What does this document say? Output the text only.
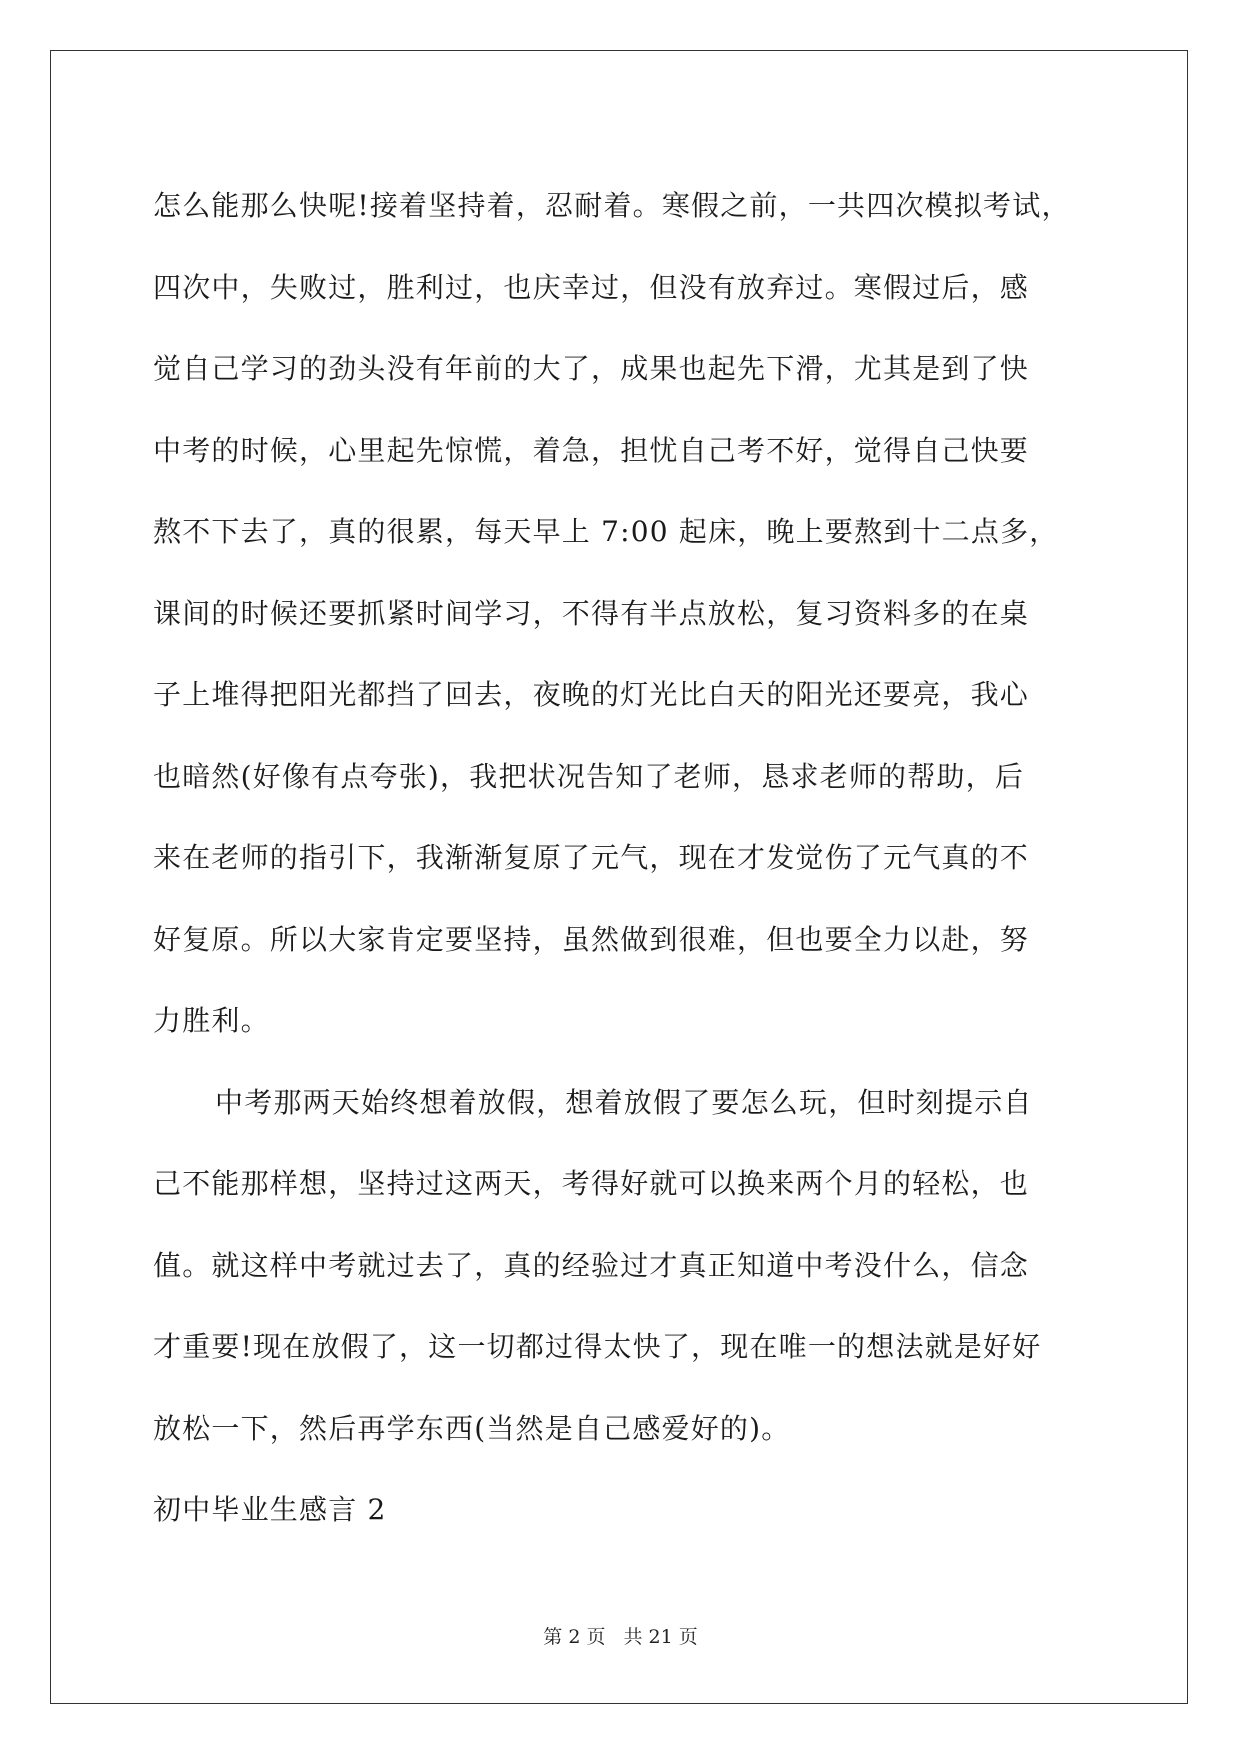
怎么能那么快呢!接着坚持着，忍耐着。寒假之前，一共四次模拟考试，
四次中，失败过，胜利过，也庆幸过，但没有放弃过。寒假过后，感
觉自己学习的劲头没有年前的大了，成果也起先下滑，尤其是到了快
中考的时候，心里起先惊慌，着急，担忧自己考不好，觉得自己快要
熬不下去了，真的很累，每天早上 7:00 起床，晚上要熬到十二点多，
课间的时候还要抓紧时间学习，不得有半点放松，复习资料多的在桌
子上堆得把阳光都挡了回去，夜晚的灯光比白天的阳光还要亮，我心
也暗然(好像有点夸张)，我把状况告知了老师，恳求老师的帮助，后
来在老师的指引下，我渐渐复原了元气，现在才发觉伤了元气真的不
好复原。所以大家肯定要坚持，虽然做到很难，但也要全力以赴，努
力胜利。
中考那两天始终想着放假，想着放假了要怎么玩，但时刻提示自
己不能那样想，坚持过这两天，考得好就可以换来两个月的轻松，也
值。就这样中考就过去了，真的经验过才真正知道中考没什么，信念
才重要!现在放假了，这一切都过得太快了，现在唯一的想法就是好好
放松一下，然后再学东西(当然是自己感爱好的)。
初中毕业生感言 2
第 2 页 共 21 页
